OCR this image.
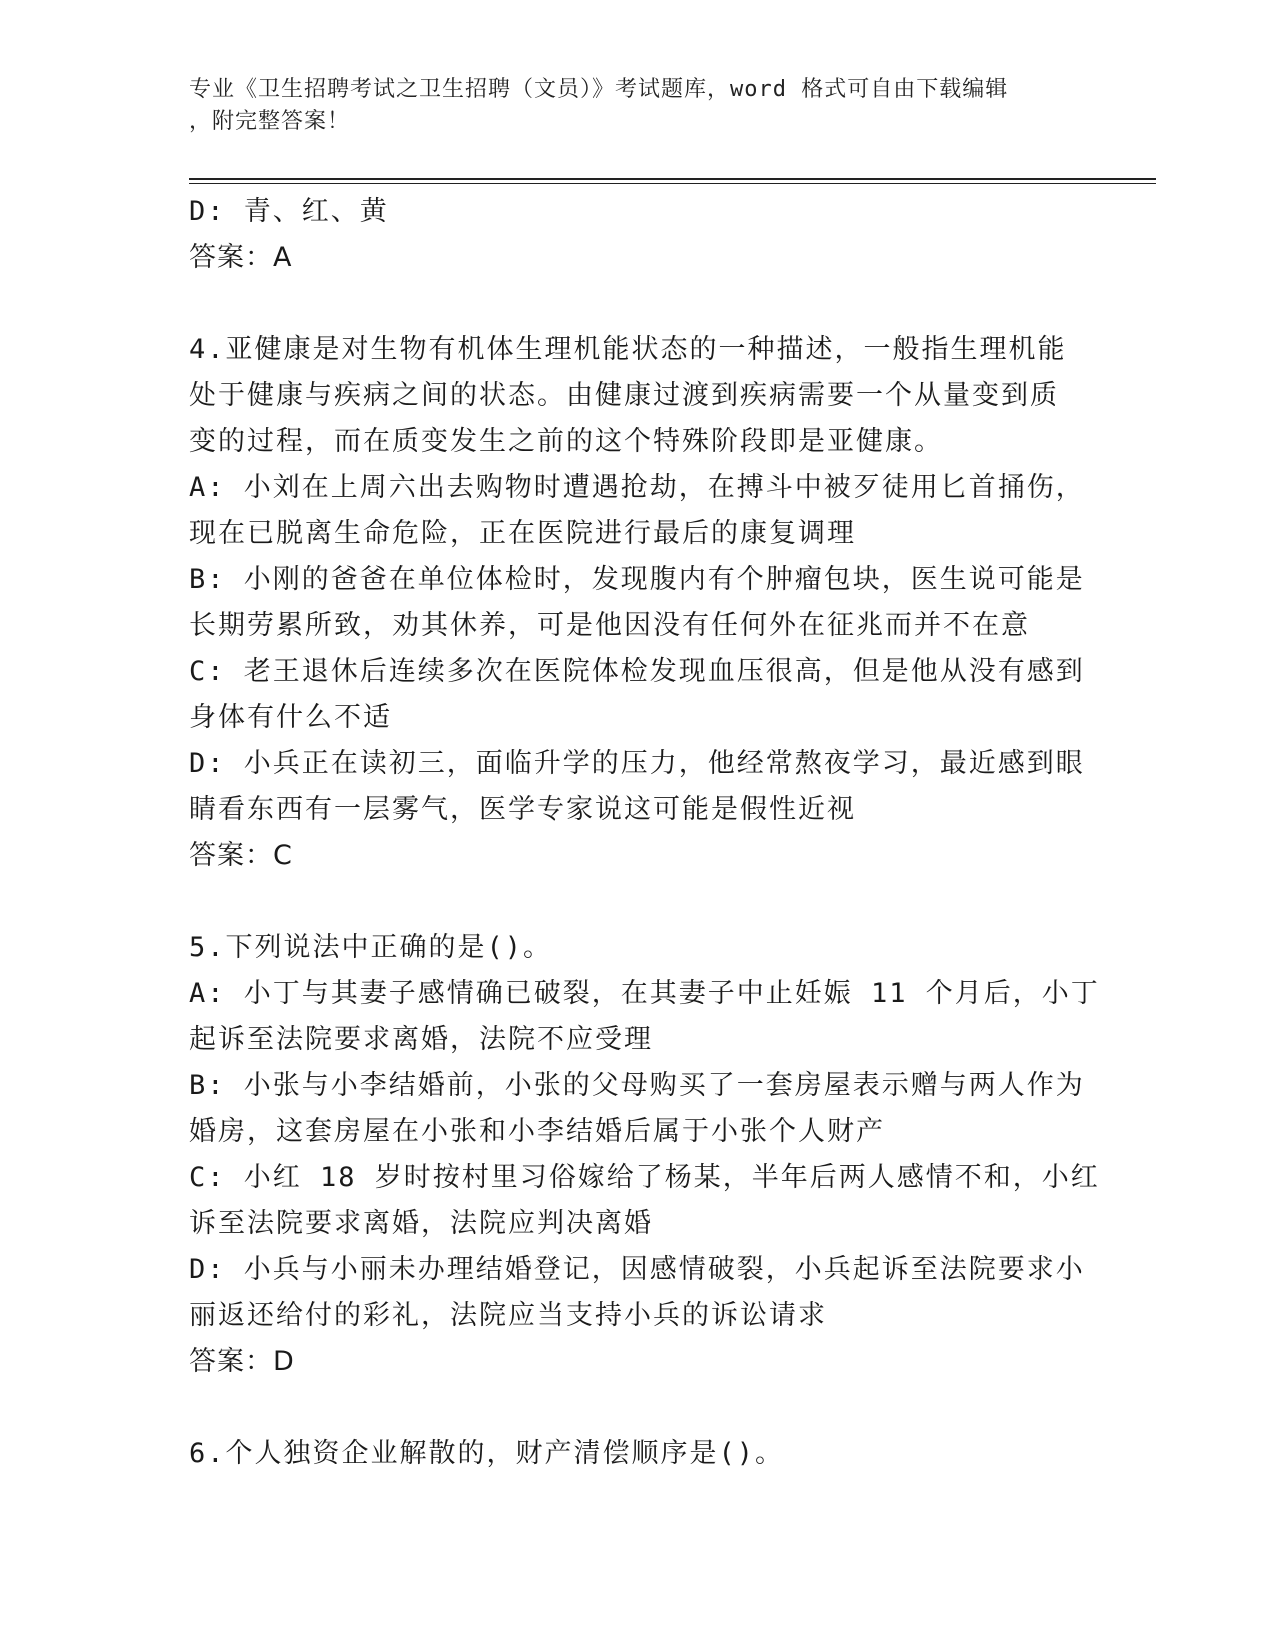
专业《卫生招聘考试之卫生招聘（文员）》考试题库，word 格式可自由下载编辑
，附完整答案！
D: 青、红、黄
答案：A
4.亚健康是对生物有机体生理机能状态的一种描述，一般指生理机能
处于健康与疾病之间的状态。由健康过渡到疾病需要一个从量变到质
变的过程，而在质变发生之前的这个特殊阶段即是亚健康。
A: 小刘在上周六出去购物时遭遇抢劫，在搏斗中被歹徒用匕首捅伤，
现在已脱离生命危险，正在医院进行最后的康复调理
B: 小刚的爸爸在单位体检时，发现腹内有个肿瘤包块，医生说可能是
长期劳累所致，劝其休养，可是他因没有任何外在征兆而并不在意
C: 老王退休后连续多次在医院体检发现血压很高，但是他从没有感到
身体有什么不适
D: 小兵正在读初三，面临升学的压力，他经常熬夜学习，最近感到眼
睛看东西有一层雾气，医学专家说这可能是假性近视
答案：C
5.下列说法中正确的是()。
A: 小丁与其妻子感情确已破裂，在其妻子中止妊娠 11 个月后，小丁
起诉至法院要求离婚，法院不应受理
B: 小张与小李结婚前，小张的父母购买了一套房屋表示赠与两人作为
婚房，这套房屋在小张和小李结婚后属于小张个人财产
C: 小红 18 岁时按村里习俗嫁给了杨某，半年后两人感情不和，小红
诉至法院要求离婚，法院应判决离婚
D: 小兵与小丽未办理结婚登记，因感情破裂，小兵起诉至法院要求小
丽返还给付的彩礼，法院应当支持小兵的诉讼请求
答案：D
6.个人独资企业解散的，财产清偿顺序是()。
